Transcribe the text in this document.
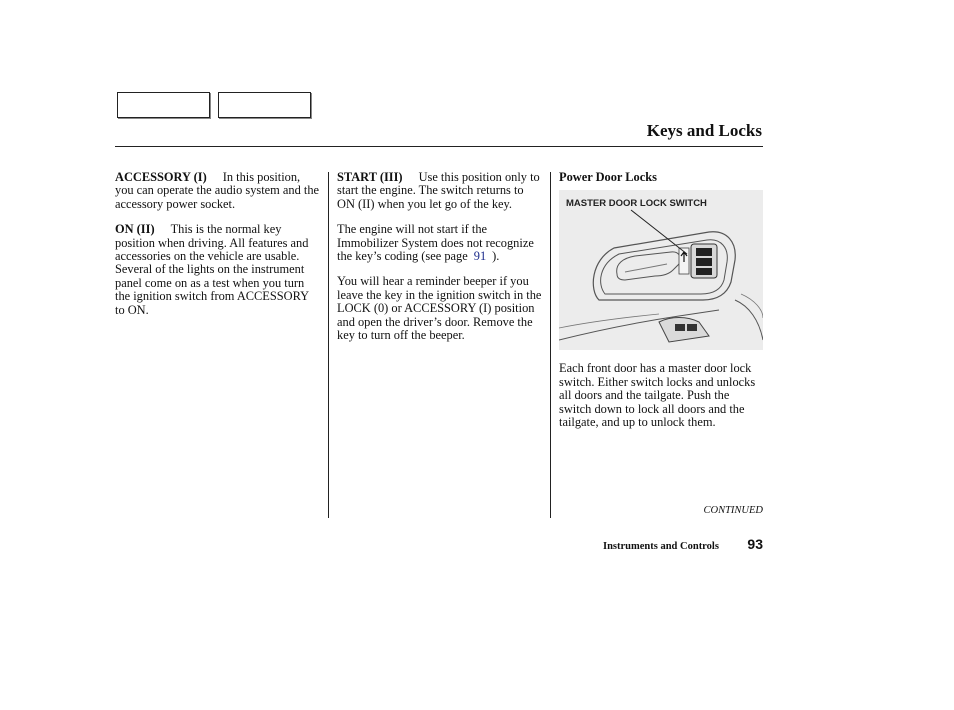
Keys and Locks

ACCESSORY (I) In this position, you can operate the audio system and the accessory power socket.

ON (II) This is the normal key position when driving. All features and accessories on the vehicle are usable. Several of the lights on the instrument panel come on as a test when you turn the ignition switch from ACCESSORY to ON.

START (III) Use this position only to start the engine. The switch returns to ON (II) when you let go of the key.

The engine will not start if the Immobilizer System does not recognize the key’s coding (see page 91 ).

You will hear a reminder beeper if you leave the key in the ignition switch in the LOCK (0) or ACCESSORY (I) position and open the driver’s door. Remove the key to turn off the beeper.

Power Door Locks
MASTER DOOR LOCK SWITCH

Each front door has a master door lock switch. Either switch locks and unlocks all doors and the tailgate. Push the switch down to lock all doors and the tailgate, and up to unlock them.

CONTINUED
Instruments and Controls 93
